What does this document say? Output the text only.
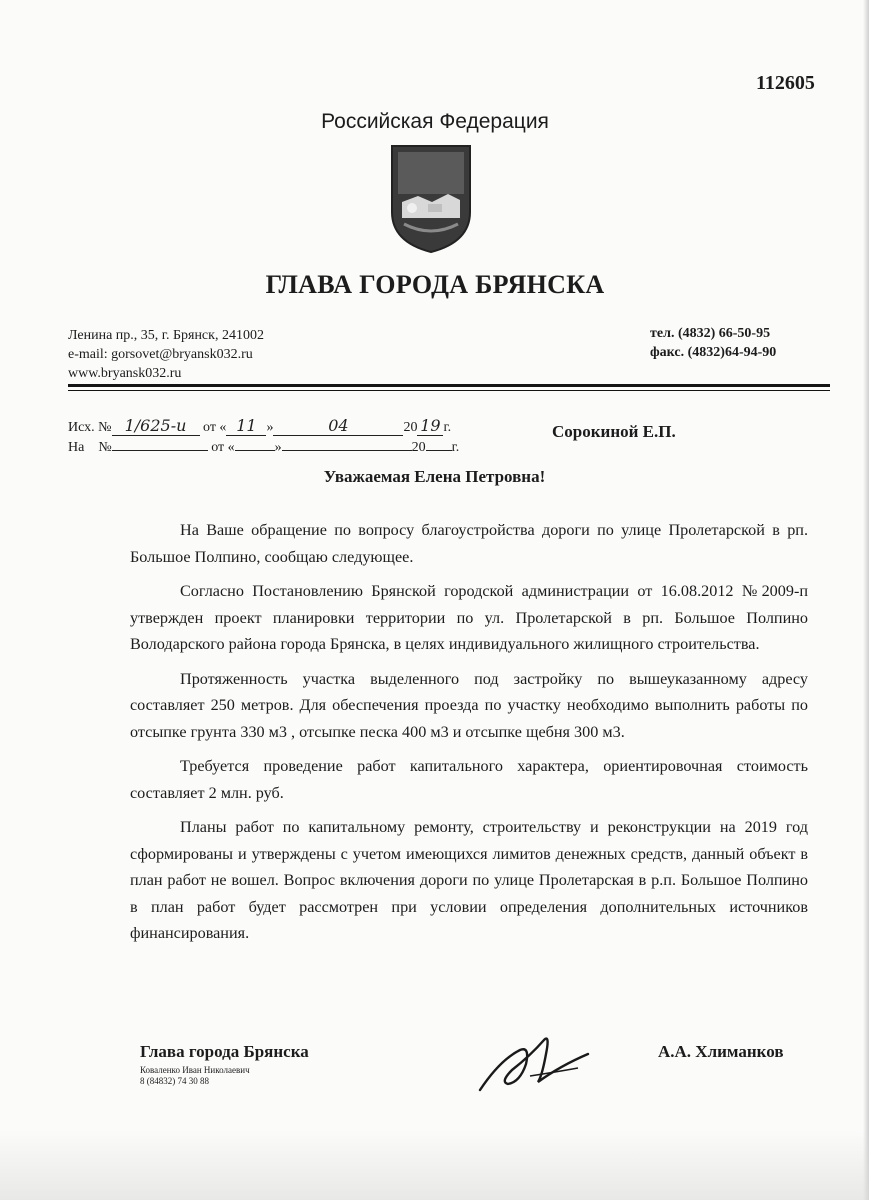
112605
Российская Федерация
ГЛАВА ГОРОДА БРЯНСКА
Ленина пр., 35, г. Брянск, 241002
e-mail: gorsovet@bryansk032.ru
www.bryansk032.ru
тел. (4832) 66-50-95
факс. (4832)64-94-90
Исх. № 1/625-и от « 11 »	04	20 19 г.
На    №	от «	»	20 г.
Сорокиной Е.П.
Уважаемая Елена Петровна!

На Ваше обращение по вопросу благоустройства дороги по улице Пролетарской в рп. Большое Полпино, сообщаю следующее.

Согласно Постановлению Брянской городской администрации от 16.08.2012 №2009-п утвержден проект планировки территории по ул. Пролетарской в рп. Большое Полпино Володарского района города Брянска, в целях индивидуального жилищного строительства.

Протяженность участка выделенного под застройку по вышеуказанному адресу составляет 250 метров. Для обеспечения проезда по участку необходимо выполнить работы по отсыпке грунта 330 м3 , отсыпке песка 400 м3 и отсыпке щебня 300 м3.

Требуется проведение работ капитального характера, ориентировочная стоимость составляет 2 млн. руб.

Планы работ по капитальному ремонту, строительству и реконструкции на 2019 год сформированы и утверждены с учетом имеющихся лимитов денежных средств, данный объект в план работ не вошел. Вопрос включения дороги по улице Пролетарская в р.п. Большое Полпино в план работ будет рассмотрен при условии определения дополнительных источников финансирования.

Глава города Брянска
Коваленко Иван Николаевич
8 (84832) 74 30 88
А.А. Хлиманков
